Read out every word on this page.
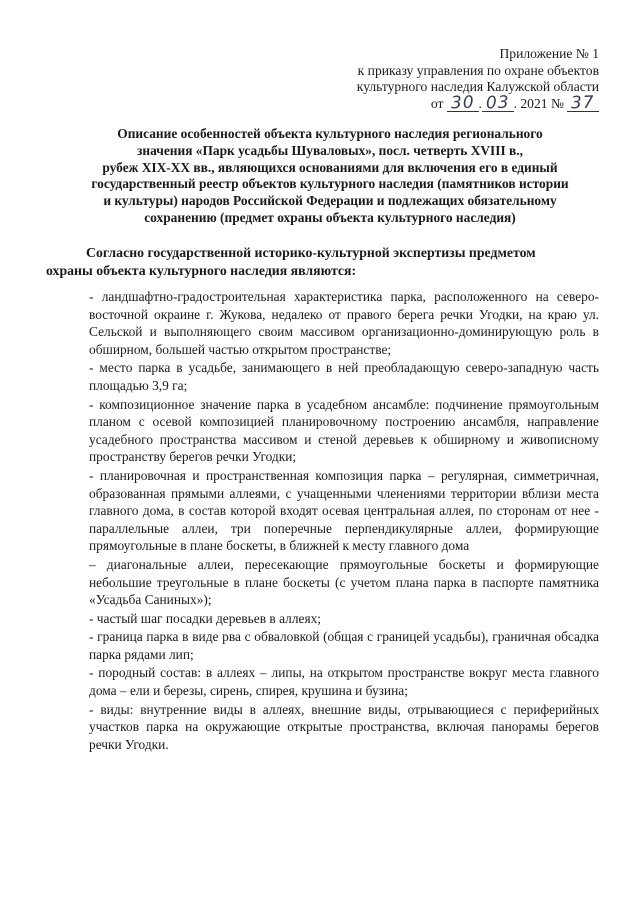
Приложение № 1
к приказу управления по охране объектов
культурного наследия Калужской области
от 30 . 03 . 2021 № 37
Описание особенностей объекта культурного наследия регионального
значения «Парк усадьбы Шуваловых», посл. четверть XVIII в.,
рубеж XIX-XX вв., являющихся основаниями для включения его в единый
государственный реестр объектов культурного наследия (памятников истории
и культуры) народов Российской Федерации и подлежащих обязательному
сохранению (предмет охраны объекта культурного наследия)
Согласно государственной историко-культурной экспертизы предметом
охраны объекта культурного наследия являются:

- ландшафтно-градостроительная характеристика парка, расположенного на северо-восточной окраине г. Жукова, недалеко от правого берега речки Угодки, на краю ул. Сельской и выполняющего своим массивом организационно-доминирующую роль в обширном, большей частью открытом пространстве;

- место парка в усадьбе, занимающего в ней преобладающую северо-западную часть площадью 3,9 га;

- композиционное значение парка в усадебном ансамбле: подчинение прямоугольным планом с осевой композицией планировочному построению ансамбля, направление усадебного пространства массивом и стеной деревьев к обширному и живописному пространству берегов речки Угодки;

- планировочная и пространственная композиция парка – регулярная, симметричная, образованная прямыми аллеями, с учащенными членениями территории вблизи места главного дома, в состав которой входят осевая центральная аллея, по сторонам от нее - параллельные аллеи, три поперечные перпендикулярные аллеи, формирующие прямоугольные в плане боскеты, в ближней к месту главного дома

– диагональные аллеи, пересекающие прямоугольные боскеты и формирующие небольшие треугольные в плане боскеты (с учетом плана парка в паспорте памятника «Усадьба Саниных»);

- частый шаг посадки деревьев в аллеях;

- граница парка в виде рва с обваловкой (общая с границей усадьбы), граничная обсадка парка рядами лип;

- породный состав: в аллеях – липы, на открытом пространстве вокруг места главного дома – ели и березы, сирень, спирея, крушина и бузина;

- виды: внутренние виды в аллеях, внешние виды, отрывающиеся с периферийных участков парка на окружающие открытые пространства, включая панорамы берегов речки Угодки.
